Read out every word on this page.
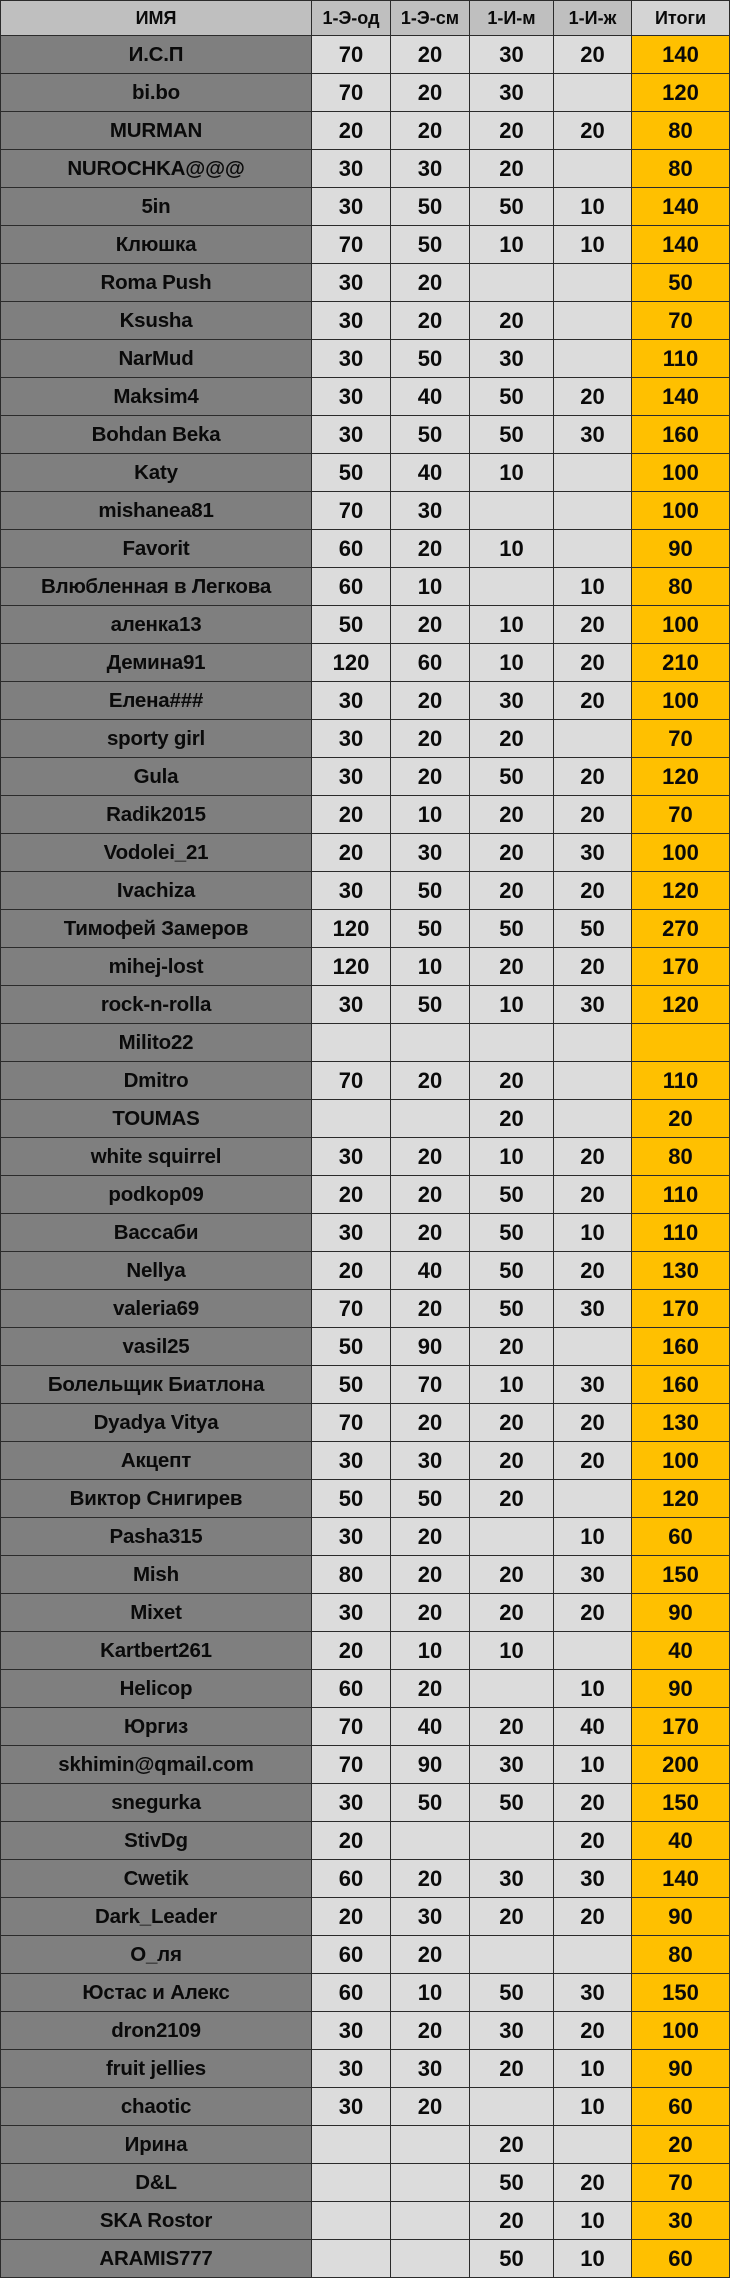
ИМЯ	1-Э-од	1-Э-см	1-И-м	1-И-ж	Итоги
И.С.П	70	20	30	20	140
bi.bo	70	20	30		120
MURMAN	20	20	20	20	80
NUROCHKA@@@	30	30	20		80
5in	30	50	50	10	140
Клюшка	70	50	10	10	140
Roma Push	30	20			50
Ksusha	30	20	20		70
NarMud	30	50	30		110
Maksim4	30	40	50	20	140
Bohdan Beka	30	50	50	30	160
Katy	50	40	10		100
mishanea81	70	30			100
Favorit	60	20	10		90
Влюбленная в Легкова	60	10		10	80
аленка13	50	20	10	20	100
Демина91	120	60	10	20	210
Елена###	30	20	30	20	100
sporty girl	30	20	20		70
Gula	30	20	50	20	120
Radik2015	20	10	20	20	70
Vodolei_21	20	30	20	30	100
Ivachiza	30	50	20	20	120
Тимофей Замеров	120	50	50	50	270
mihej-lost	120	10	20	20	170
rock-n-rolla	30	50	10	30	120
Milito22					
Dmitro	70	20	20		110
TOUMAS			20		20
white squirrel	30	20	10	20	80
podkop09	20	20	50	20	110
Вассаби	30	20	50	10	110
Nellya	20	40	50	20	130
valeria69	70	20	50	30	170
vasil25	50	90	20		160
Болельщик Биатлона	50	70	10	30	160
Dyadya Vitya	70	20	20	20	130
Акцепт	30	30	20	20	100
Виктор Снигирев	50	50	20		120
Pasha315	30	20		10	60
Mish	80	20	20	30	150
Mixet	30	20	20	20	90
Kartbert261	20	10	10		40
Helicop	60	20		10	90
Юргиз	70	40	20	40	170
skhimin@qmail.com	70	90	30	10	200
snegurka	30	50	50	20	150
StivDg	20			20	40
Cwetik	60	20	30	30	140
Dark_Leader	20	30	20	20	90
О_ля	60	20			80
Юстас и Алекс	60	10	50	30	150
dron2109	30	20	30	20	100
fruit jellies	30	30	20	10	90
chaotic	30	20		10	60
Ирина			20		20
D&L			50	20	70
SKA Rostor			20	10	30
ARAMIS777			50	10	60
